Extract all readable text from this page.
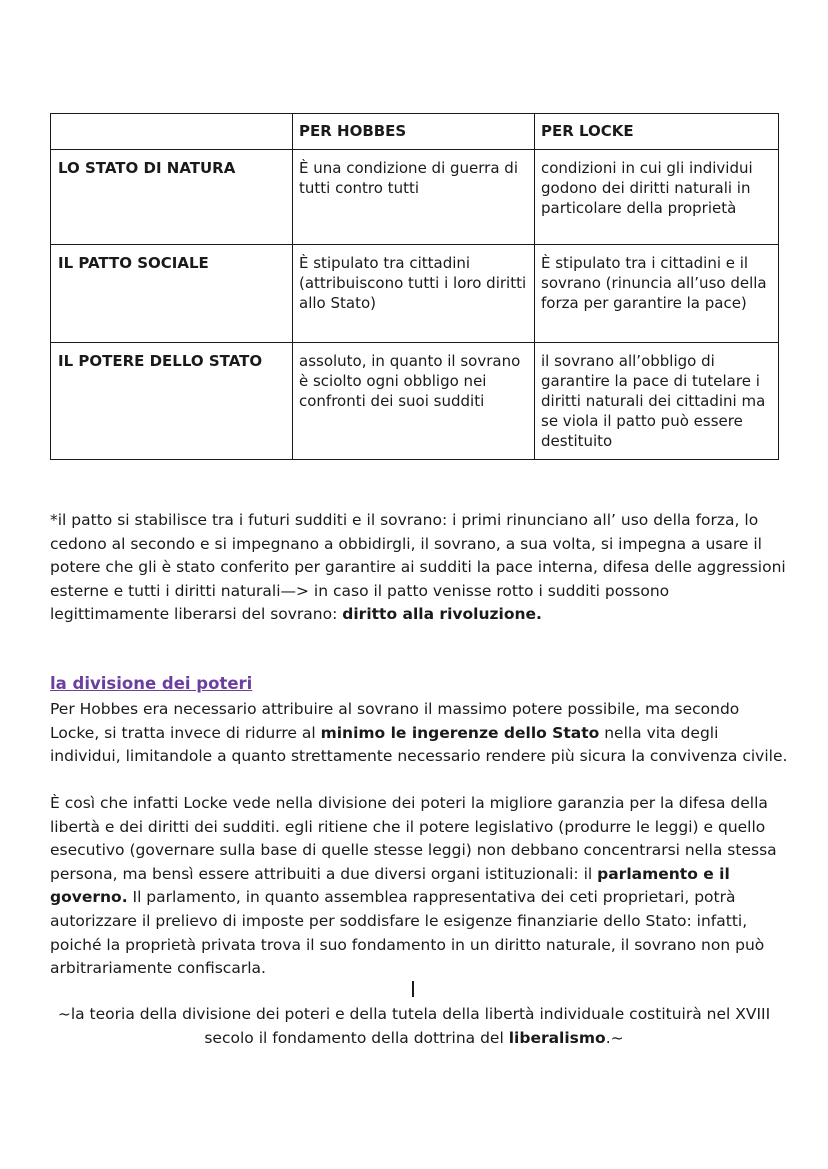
	PER HOBBES	PER LOCKE
LO STATO DI NATURA	È una condizione di guerra di tutti contro tutti	condizioni in cui gli individui godono dei diritti naturali in particolare della proprietà
IL PATTO SOCIALE	È stipulato tra cittadini (attribuiscono tutti i loro diritti allo Stato)	È stipulato tra i cittadini e il sovrano (rinuncia all’uso della forza per garantire la pace)
IL POTERE DELLO STATO	assoluto, in quanto il sovrano è sciolto ogni obbligo nei confronti dei suoi sudditi	il sovrano all’obbligo di garantire la pace di tutelare i diritti naturali dei cittadini ma se viola il patto può essere destituito

*il patto si stabilisce tra i futuri sudditi e il sovrano: i primi rinunciano all’ uso della forza, lo cedono al secondo e si impegnano a obbidirgli, il sovrano, a sua volta, si impegna a usare il potere che gli è stato conferito per garantire ai sudditi la pace interna, difesa delle aggressioni esterne e tutti i diritti naturali—> in caso il patto venisse rotto i sudditi possono legittimamente liberarsi del sovrano: diritto alla rivoluzione.

la divisione dei poteri

Per Hobbes era necessario attribuire al sovrano il massimo potere possibile, ma secondo Locke, si tratta invece di ridurre al minimo le ingerenze dello Stato nella vita degli individui, limitandole a quanto strettamente necessario rendere più sicura la convivenza civile.

È così che infatti Locke vede nella divisione dei poteri la migliore garanzia per la difesa della libertà e dei diritti dei sudditi. egli ritiene che il potere legislativo (produrre le leggi) e quello esecutivo (governare sulla base di quelle stesse leggi) non debbano concentrarsi nella stessa persona, ma bensì essere attribuiti a due diversi organi istituzionali: il parlamento e il governo. Il parlamento, in quanto assemblea rappresentativa dei ceti proprietari, potrà autorizzare il prelievo di imposte per soddisfare le esigenze finanziarie dello Stato: infatti, poiché la proprietà privata trova il suo fondamento in un diritto naturale, il sovrano non può arbitrariamente confiscarla.

~la teoria della divisione dei poteri e della tutela della libertà individuale costituirà nel XVIII secolo il fondamento della dottrina del liberalismo.~
